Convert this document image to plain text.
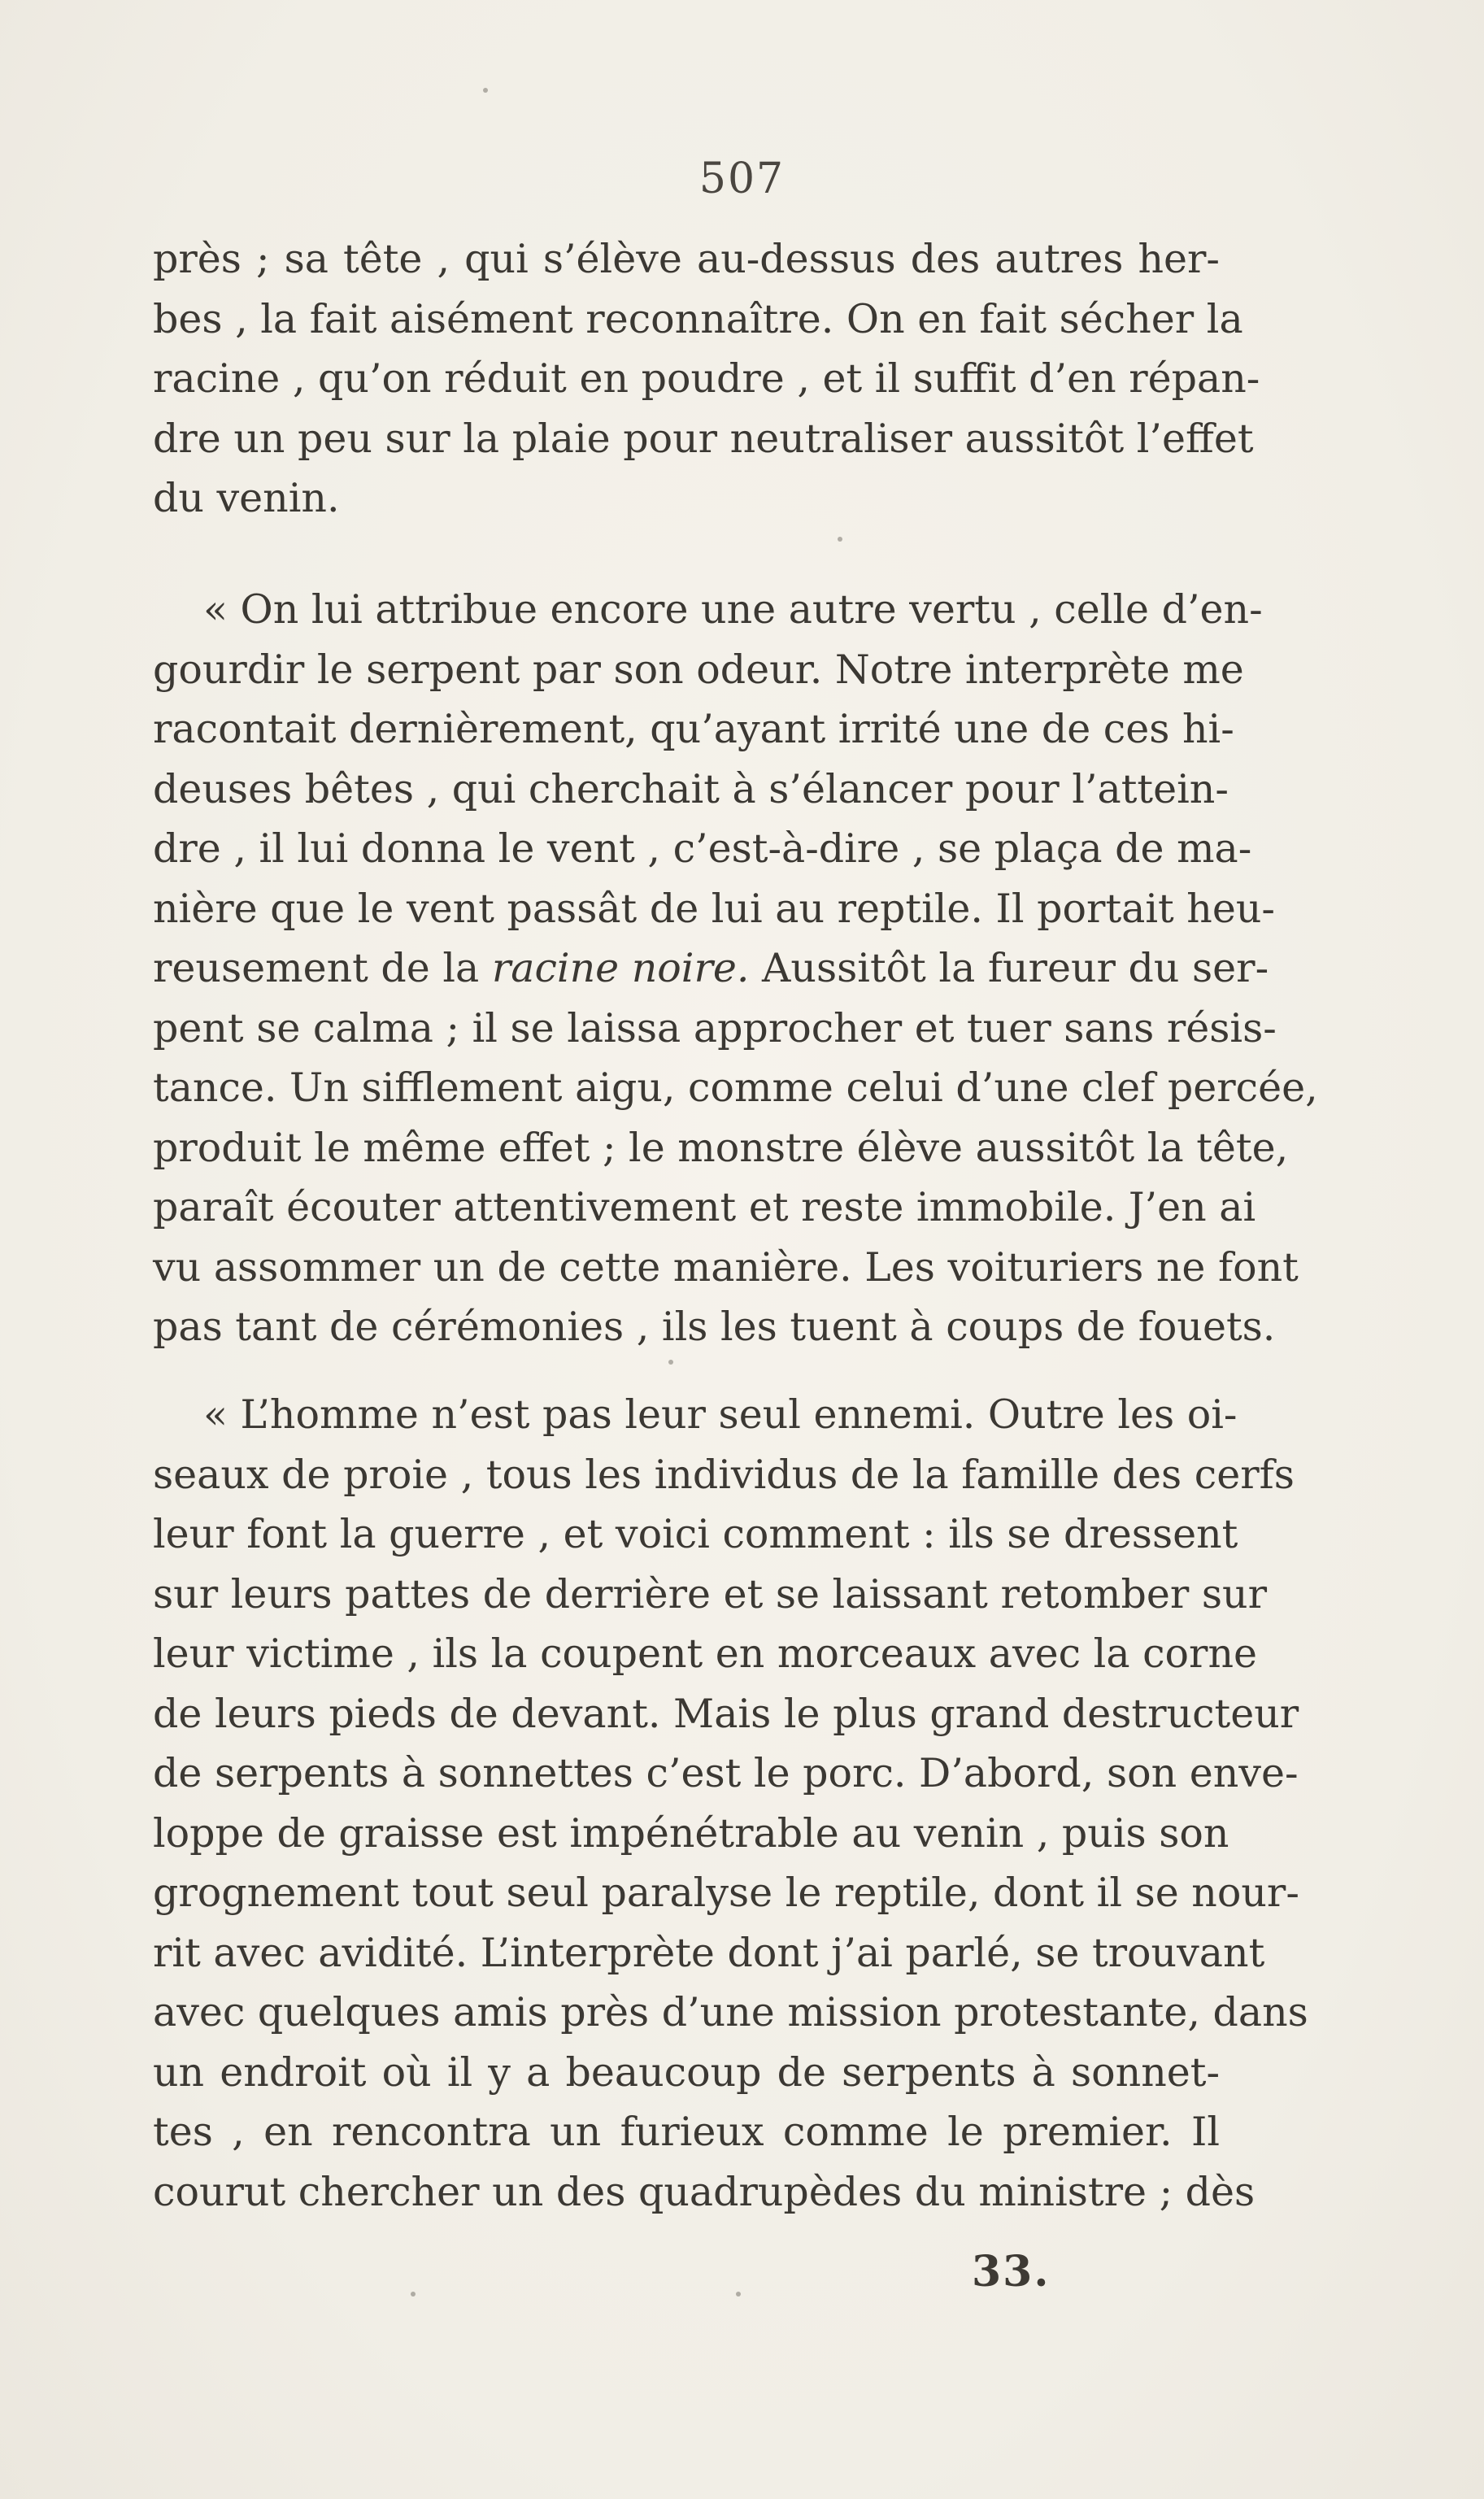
507
près ; sa tête , qui s’élève au-dessus des autres her-
bes , la fait aisément reconnaître. On en fait sécher la
racine , qu’on réduit en poudre , et il suffit d’en répan-
dre un peu sur la plaie pour neutraliser aussitôt l’effet
du venin.
« On lui attribue encore une autre vertu , celle d’en-
gourdir le serpent par son odeur. Notre interprète me
racontait dernièrement, qu’ayant irrité une de ces hi-
deuses bêtes , qui cherchait à s’élancer pour l’attein-
dre , il lui donna le vent , c’est-à-dire , se plaça de ma-
nière que le vent passât de lui au reptile. Il portait heu-
reusement de la racine noire. Aussitôt la fureur du ser-
pent se calma ; il se laissa approcher et tuer sans résis-
tance. Un sifflement aigu, comme celui d’une clef percée,
produit le même effet ; le monstre élève aussitôt la tête,
paraît écouter attentivement et reste immobile. J’en ai
vu assommer un de cette manière. Les voituriers ne font
pas tant de cérémonies , ils les tuent à coups de fouets.
« L’homme n’est pas leur seul ennemi. Outre les oi-
seaux de proie , tous les individus de la famille des cerfs
leur font la guerre , et voici comment : ils se dressent
sur leurs pattes de derrière et se laissant retomber sur
leur victime , ils la coupent en morceaux avec la corne
de leurs pieds de devant. Mais le plus grand destructeur
de serpents à sonnettes c’est le porc. D’abord, son enve-
loppe de graisse est impénétrable au venin , puis son
grognement tout seul paralyse le reptile, dont il se nour-
rit avec avidité. L’interprète dont j’ai parlé, se trouvant
avec quelques amis près d’une mission protestante, dans
un endroit où il y a beaucoup de serpents à sonnet-
tes , en rencontra un furieux comme le premier. Il
courut chercher un des quadrupèdes du ministre ; dès
33.
